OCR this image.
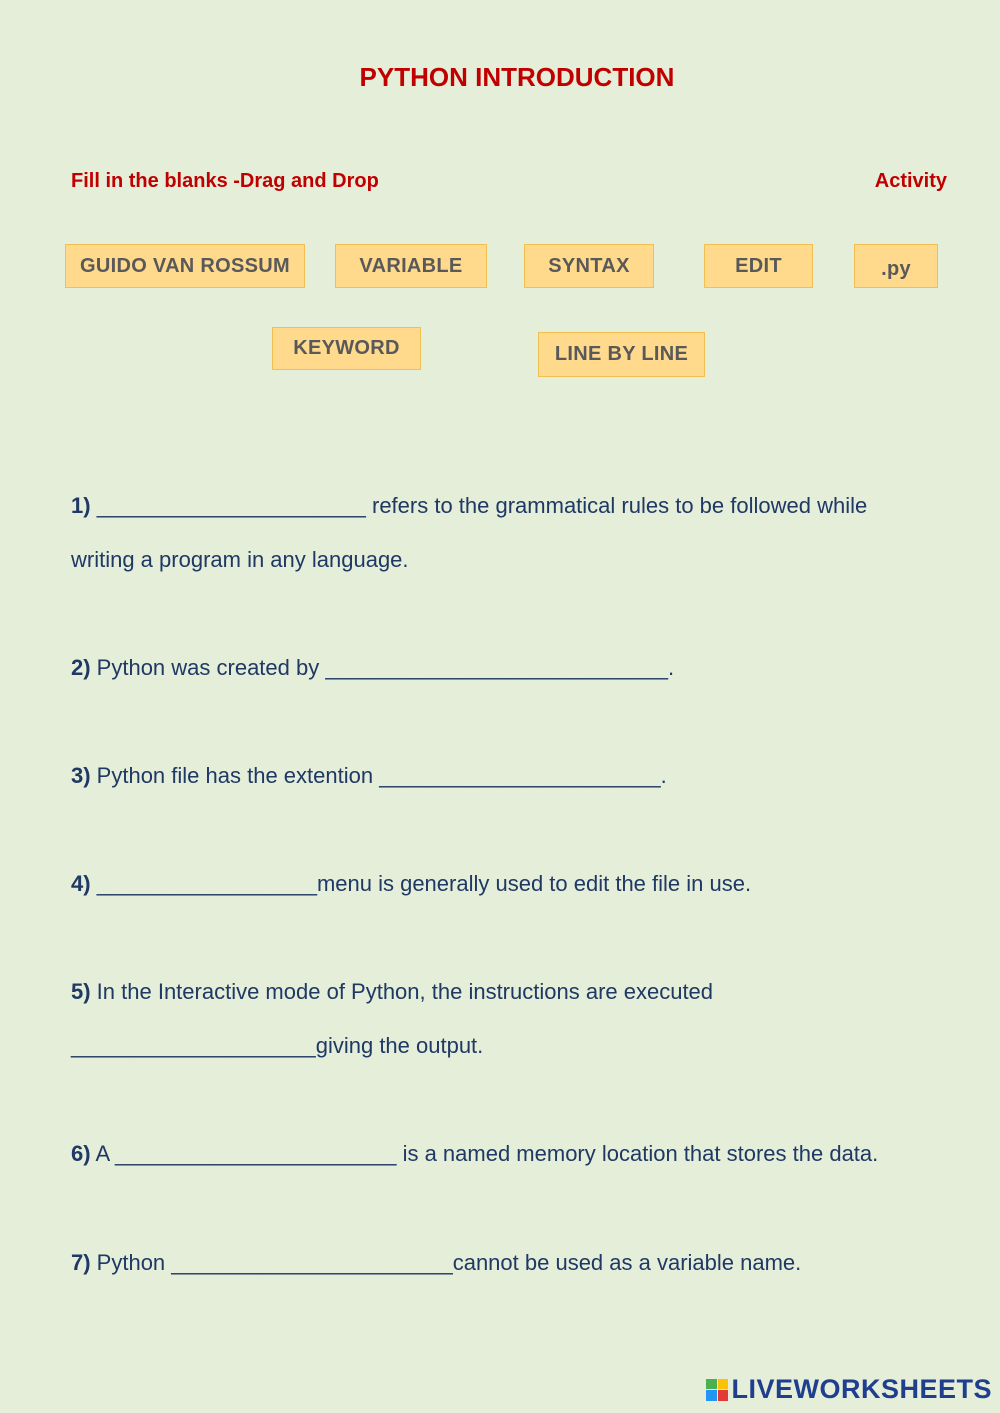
PYTHON INTRODUCTION
Fill in the blanks -Drag and Drop	Activity
GUIDO VAN ROSSUM	VARIABLE	SYNTAX	EDIT	.py
KEYWORD	LINE BY LINE
1) ______________________ refers to the grammatical rules to be followed while
writing a program in any language.
2) Python was created by ____________________________.
3) Python file has the extention _______________________.
4) __________________menu is generally used to edit the file in use.
5) In the Interactive mode of Python, the instructions are executed
____________________giving the output.
6) A _______________________ is a named memory location that stores the data.
7) Python _______________________cannot be used as a variable name.
LIVEWORKSHEETS
